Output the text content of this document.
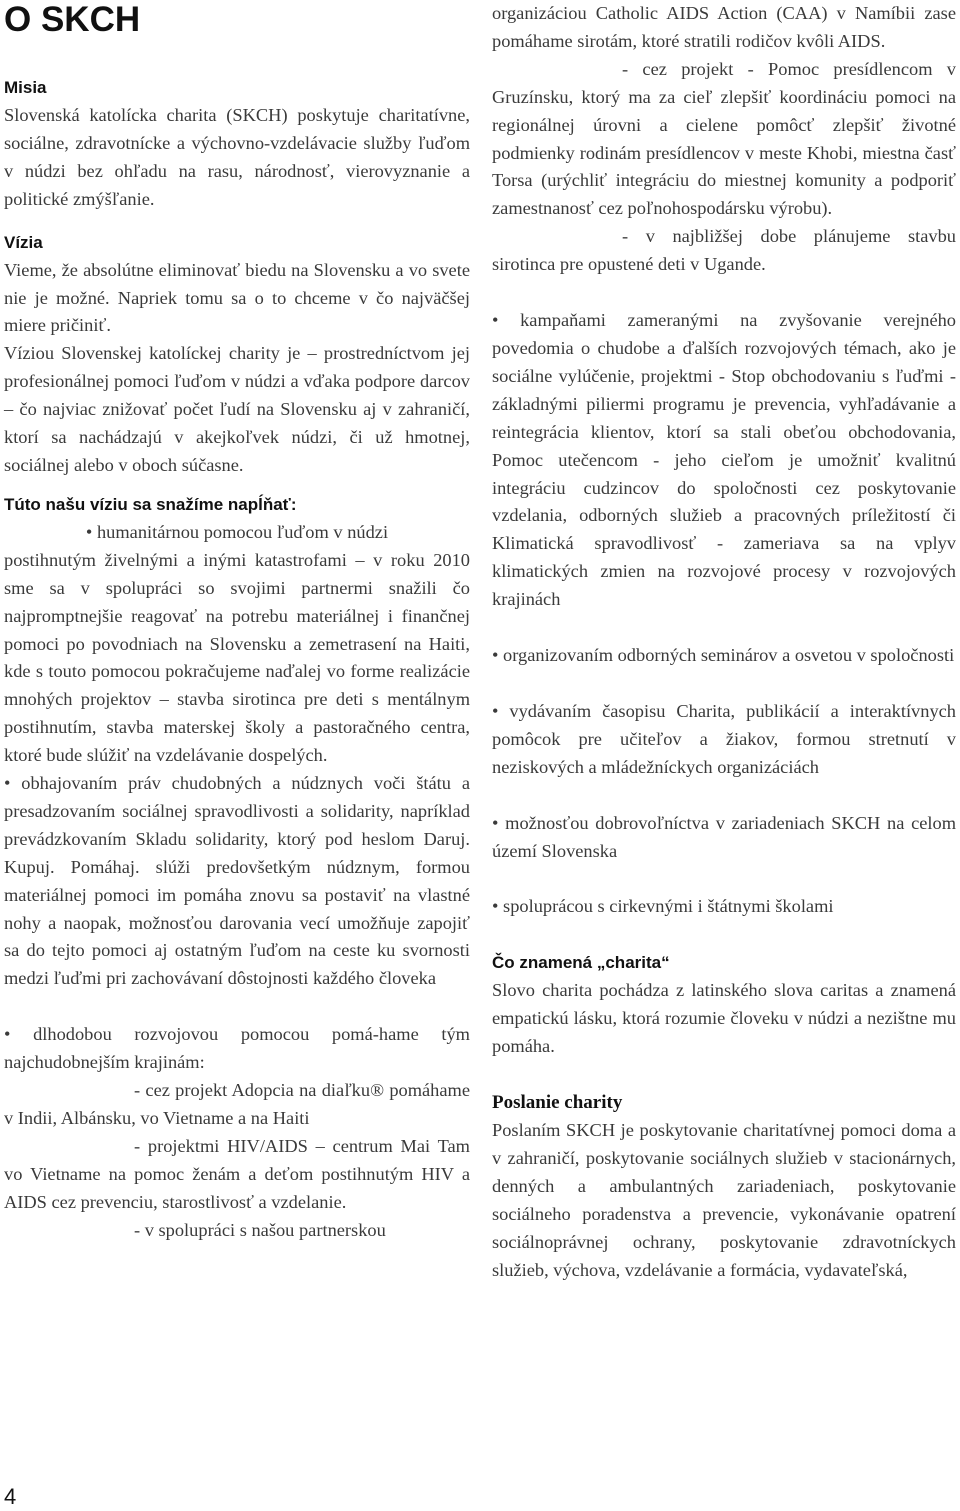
O SKCH
Misia

Slovenská katolícka charita (SKCH) poskytuje charitatívne, sociálne, zdravotnícke a výchovno-vzdelávacie služby ľuďom v núdzi bez ohľadu na rasu, národnosť, vierovyznanie a politické zmýšľanie.

Vízia

Vieme, že absolútne eliminovať biedu na Slovensku a vo svete nie je možné. Napriek tomu sa o to chceme v čo najväčšej miere pričiniť.

Víziou Slovenskej katolíckej charity je – prostredníctvom jej profesionálnej pomoci ľuďom v núdzi a vďaka podpore darcov – čo najviac znižovať počet ľudí na Slovensku aj v zahraničí, ktorí sa nachádzajú v akejkoľvek núdzi, či už hmotnej, sociálnej alebo v oboch súčasne.

Túto našu víziu sa snažíme napĺňať:

• humanitárnou pomocou ľuďom v núdzi

postihnutým živelnými a inými katastrofami – v roku 2010 sme sa v spolupráci so svojimi partnermi snažili čo najpromptnejšie reagovať na potrebu materiálnej i finančnej pomoci po povodniach na Slovensku a zemetrasení na Haiti, kde s touto pomocou pokračujeme naďalej vo forme realizácie mnohých projektov – stavba sirotinca pre deti s mentálnym postihnutím, stavba materskej školy a pastoračného centra, ktoré bude slúžiť na vzdelávanie dospelých.

• obhajovaním práv chudobných a núdznych voči štátu a presadzovaním sociálnej spravodlivosti a solidarity, napríklad prevádzkovaním Skladu solidarity, ktorý pod heslom Daruj. Kupuj. Pomáhaj. slúži predovšetkým núdznym, formou materiálnej pomoci im pomáha znovu sa postaviť na vlastné nohy a naopak, možnosťou darovania vecí umožňuje zapojiť sa do tejto pomoci aj ostatným ľuďom na ceste ku svornosti medzi ľuďmi pri zachovávaní dôstojnosti každého človeka

• dlhodobou rozvojovou pomocou pomá-hame tým najchudobnejším krajinám:

- cez projekt Adopcia na diaľku® pomáhame v Indii, Albánsku, vo Vietname a na Haiti

- projektmi HIV/AIDS – centrum Mai Tam vo Vietname na pomoc ženám a deťom postihnutým HIV a AIDS cez prevenciu, starostlivosť a vzdelanie.

- v spolupráci s našou partnerskou

organizáciou Catholic AIDS Action (CAA) v Namíbii zase pomáhame sirotám, ktoré stratili rodičov kvôli AIDS.

- cez projekt - Pomoc presídlencom v Gruzínsku, ktorý ma za cieľ zlepšiť koordináciu pomoci na regionálnej úrovni a cielene pomôcť zlepšiť životné podmienky rodinám presídlencov v meste Khobi, miestna časť Torsa (urýchliť integráciu do miestnej komunity a podporiť zamestnanosť cez poľnohospodársku výrobu).

- v najbližšej dobe plánujeme stavbu sirotinca pre opustené deti v Ugande.

• kampaňami zameranými na zvyšovanie verejného povedomia o chudobe a ďalších rozvojových témach, ako je sociálne vylúčenie, projektmi - Stop obchodovaniu s ľuďmi - základnými piliermi programu je prevencia, vyhľadávanie a reintegrácia klientov, ktorí sa stali obeťou obchodovania, Pomoc utečencom - jeho cieľom je umožniť kvalitnú integráciu cudzincov do spoločnosti cez poskytovanie vzdelania, odborných služieb a pracovných príležitostí či Klimatická spravodlivosť - zameriava sa na vplyv klimatických zmien na rozvojové procesy v rozvojových krajinách

• organizovaním odborných seminárov a osvetou v spoločnosti

• vydávaním časopisu Charita, publikácií a interaktívnych pomôcok pre učiteľov a žiakov, formou stretnutí v neziskových a mládežníckych organizáciách

• možnosťou dobrovoľníctva v zariadeniach SKCH na celom území Slovenska

• spoluprácou s cirkevnými i štátnymi školami

Čo znamená „charita“

Slovo charita pochádza z latinského slova caritas a znamená empatickú lásku, ktorá rozumie človeku v núdzi a nezištne mu pomáha.

Poslanie charity

Poslaním SKCH je poskytovanie charitatívnej pomoci doma a v zahraničí, poskytovanie sociálnych služieb v stacionárnych, denných a ambulantných zariadeniach, poskytovanie sociálneho poradenstva a prevencie, vykonávanie opatrení sociálnoprávnej ochrany, poskytovanie zdravotníckych služieb, výchova, vzdelávanie a formácia, vydavateľská,

4
